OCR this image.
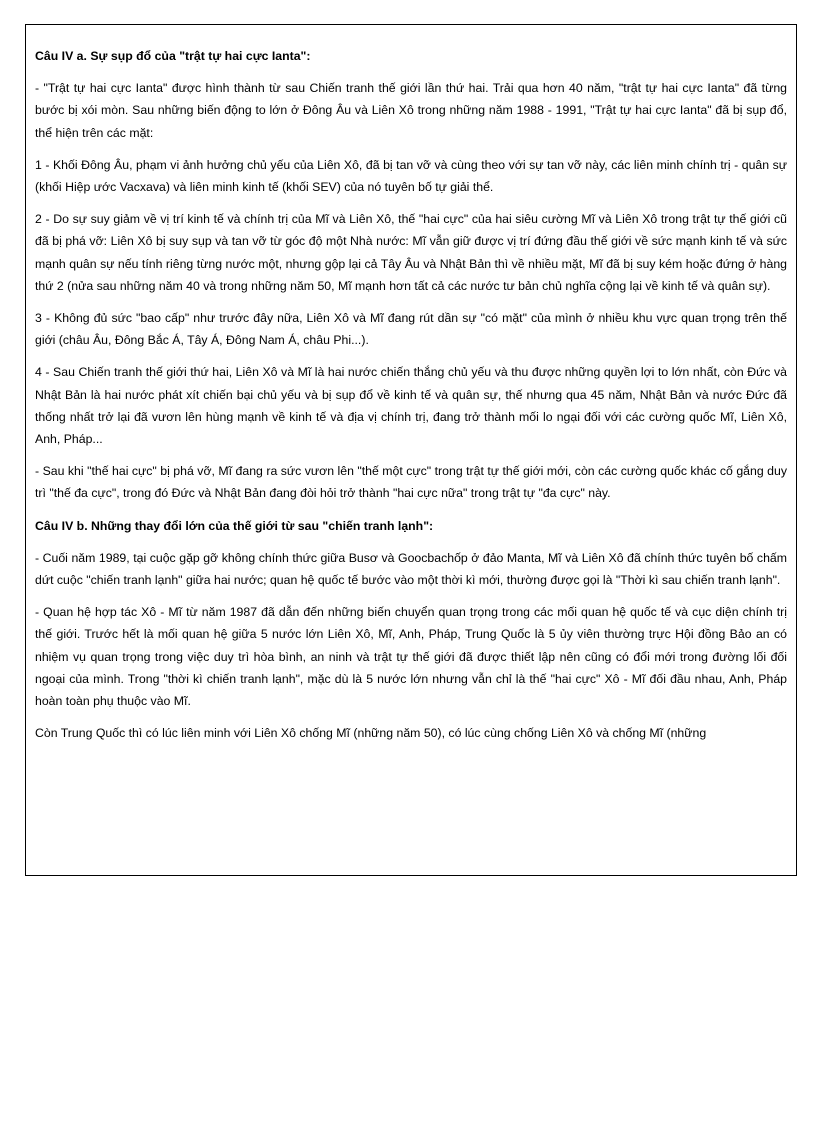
Câu IV a. Sự sụp đổ của "trật tự hai cực Ianta":

- "Trật tự hai cực Ianta" được hình thành từ sau Chiến tranh thế giới lần thứ hai. Trải qua hơn 40 năm, "trật tự hai cực Ianta" đã từng bước bị xói mòn. Sau những biến động to lớn ở Đông Âu và Liên Xô trong những năm 1988 - 1991, "Trật tự hai cực Ianta" đã bị sụp đổ, thể hiện trên các mặt:

1 - Khối Đông Âu, phạm vi ảnh hưởng chủ yếu của Liên Xô, đã bị tan vỡ và cùng theo với sự tan vỡ này, các liên minh chính trị - quân sự (khối Hiệp ước Vacxava) và liên minh kinh tế (khối SEV) của nó tuyên bố tự giải thể.

2 - Do sự suy giảm về vị trí kinh tế và chính trị của Mĩ và Liên Xô, thế "hai cực" của hai siêu cường Mĩ và Liên Xô trong trật tự thế giới cũ đã bị phá vỡ: Liên Xô bị suy sụp và tan vỡ từ góc độ một Nhà nước: Mĩ vẫn giữ được vị trí đứng đầu thế giới về sức mạnh kinh tế và sức mạnh quân sự nếu tính riêng từng nước một, nhưng gộp lại cả Tây Âu và Nhật Bản thì về nhiều mặt, Mĩ đã bị suy kém hoặc đứng ở hàng thứ 2 (nửa sau những năm 40 và trong những năm 50, Mĩ mạnh hơn tất cả các nước tư bản chủ nghĩa cộng lại về kinh tế và quân sự).

3 - Không đủ sức "bao cấp" như trước đây nữa, Liên Xô và Mĩ đang rút dần sự "có mặt" của mình ở nhiều khu vực quan trọng trên thế giới (châu Âu, Đông Bắc Á, Tây Á, Đông Nam Á, châu Phi...).

4 - Sau Chiến tranh thế giới thứ hai, Liên Xô và Mĩ là hai nước chiến thắng chủ yếu và thu được những quyền lợi to lớn nhất, còn Đức và Nhật Bản là hai nước phát xít chiến bại chủ yếu và bị sụp đổ về kinh tế và quân sự, thế nhưng qua 45 năm, Nhật Bản và nước Đức đã thống nhất trở lại đã vươn lên hùng mạnh về kinh tế và địa vị chính trị, đang trở thành mối lo ngại đối với các cường quốc Mĩ, Liên Xô, Anh, Pháp...

- Sau khi "thế hai cực" bị phá vỡ, Mĩ đang ra sức vươn lên "thế một cực" trong trật tự thế giới mới, còn các cường quốc khác cố gắng duy trì "thế đa cực", trong đó Đức và Nhật Bản đang đòi hỏi trở thành "hai cực nữa" trong trật tự "đa cực" này.

Câu IV b. Những thay đổi lớn của thế giới từ sau "chiến tranh lạnh":

- Cuối năm 1989, tại cuộc gặp gỡ không chính thức giữa Busơ và Goocbachốp ở đảo Manta, Mĩ và Liên Xô đã chính thức tuyên bố chấm dứt cuộc "chiến tranh lạnh" giữa hai nước; quan hệ quốc tế bước vào một thời kì mới, thường được gọi là "Thời kì sau chiến tranh lạnh".

- Quan hệ hợp tác Xô - Mĩ từ năm 1987 đã dẫn đến những biến chuyển quan trọng trong các mối quan hệ quốc tế và cục diện chính trị thế giới. Trước hết là mối quan hệ giữa 5 nước lớn Liên Xô, Mĩ, Anh, Pháp, Trung Quốc là 5 ủy viên thường trực Hội đồng Bảo an có nhiệm vụ quan trọng trong việc duy trì hòa bình, an ninh và trật tự thế giới đã được thiết lập nên cũng có đổi mới trong đường lối đối ngoại của mình. Trong "thời kì chiến tranh lạnh", mặc dù là 5 nước lớn nhưng vẫn chỉ là thế "hai cực" Xô - Mĩ đối đầu nhau, Anh, Pháp hoàn toàn phụ thuộc vào Mĩ.

Còn Trung Quốc thì có lúc liên minh với Liên Xô chống Mĩ (những năm 50), có lúc cùng chống Liên Xô và chống Mĩ (những
